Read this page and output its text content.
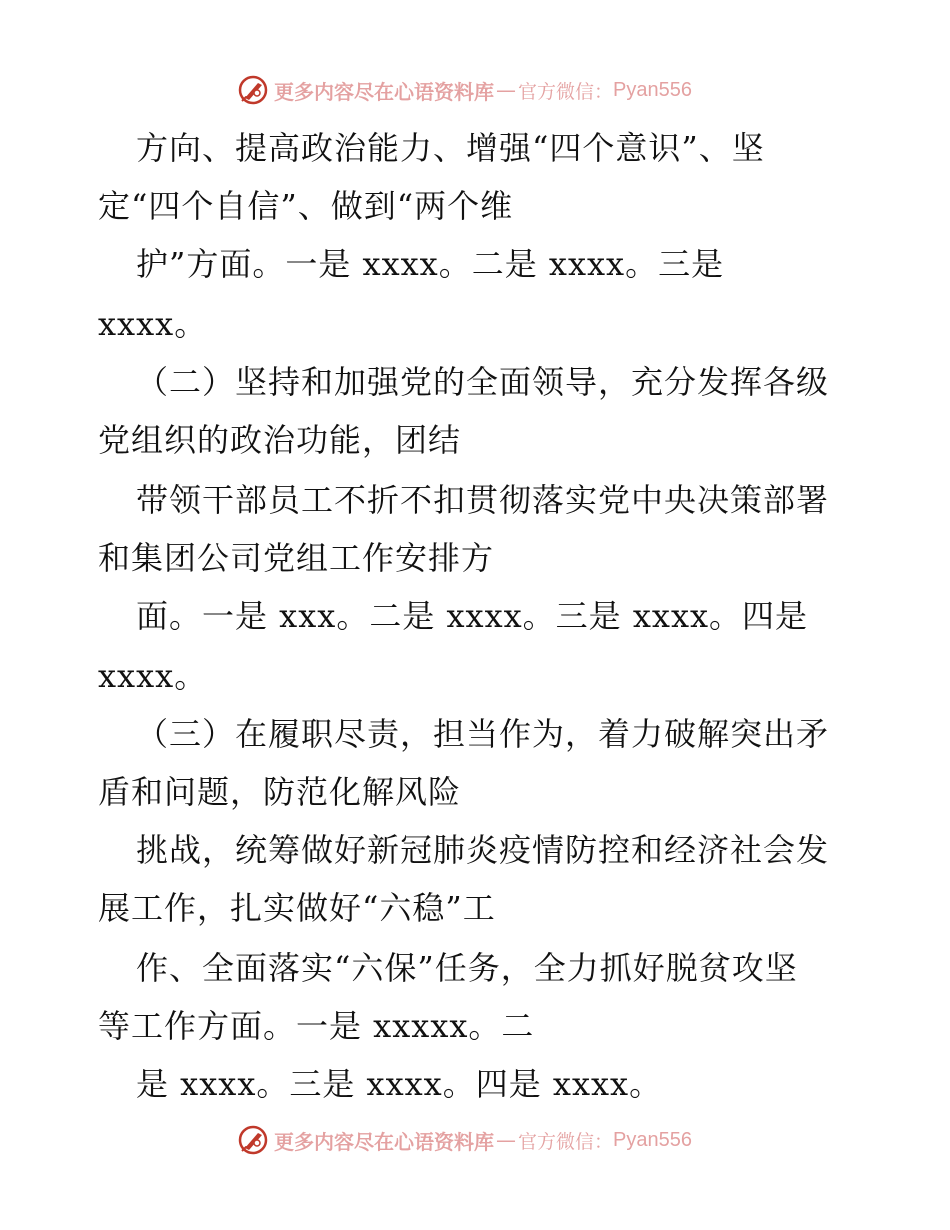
更多内容尽在心语资料库 — 官方微信： Pyan556
方向、提高政治能力、增强“四个意识”、坚
定“四个自信”、做到“两个维
护”方面。一是 xxxx。二是 xxxx。三是
xxxx。
（二）坚持和加强党的全面领导，充分发挥各级
党组织的政治功能，团结
带领干部员工不折不扣贯彻落实党中央决策部署
和集团公司党组工作安排方
面。一是 xxx。二是 xxxx。三是 xxxx。四是
xxxx。
（三）在履职尽责，担当作为，着力破解突出矛
盾和问题，防范化解风险
挑战，统筹做好新冠肺炎疫情防控和经济社会发
展工作，扎实做好“六稳”工
作、全面落实“六保”任务，全力抓好脱贫攻坚
等工作方面。一是 xxxxx。二
是 xxxx。三是 xxxx。四是 xxxx。
更多内容尽在心语资料库 — 官方微信： Pyan556
